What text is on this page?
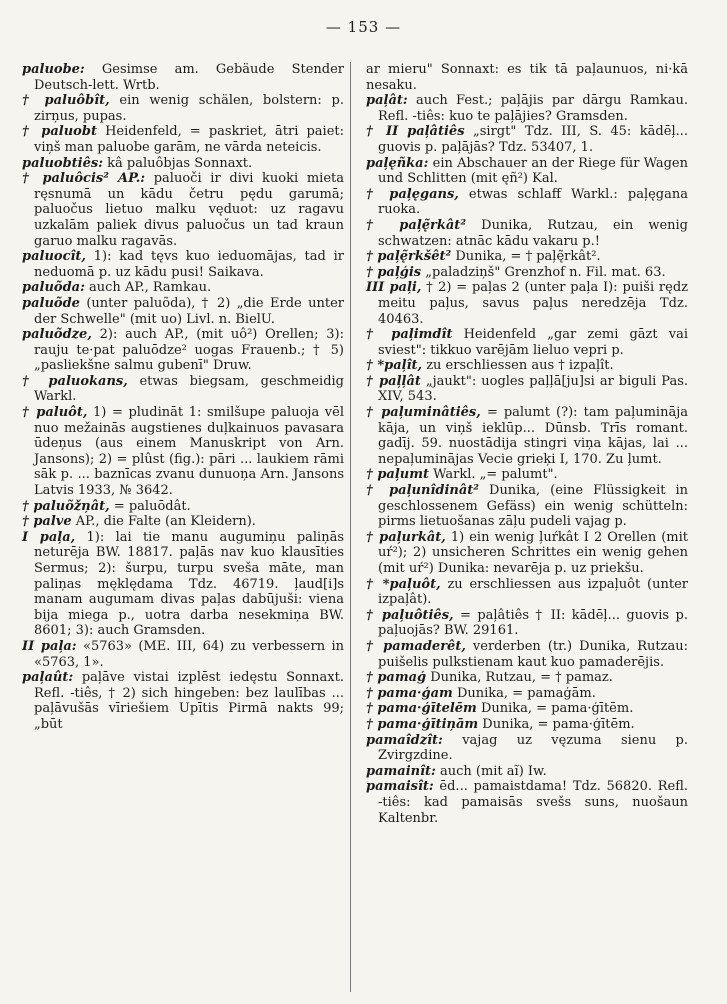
— 153 —

paluobe: Gesimse am. Gebäude Stender Deutsch-lett. Wrtb.

† paluôbît, ein wenig schälen, bolstern: p. zirņus, pupas.

† paluobt Heidenfeld, = paskriet, ātri paiet: viņš man paluobe garām, ne vārda neteicis.

paluobtiês: kâ paluôbjas Sonnaxt.

† paluôcis² AP.: paluoči ir divi kuoki mieta ręsnumā un kādu četru pędu garumā; paluočus lietuo malku vęduot: uz ragavu uzkalām paliek divus paluočus un tad kraun garuo malku ragavās.

paluocît, 1): kad tęvs kuo ieduomājas, tad ir neduomā p. uz kādu pusi! Saikava.

paluõda: auch AP., Ramkau.

paluõde (unter paluõda), † 2) „die Erde unter der Schwelle" (mit uo) Livl. n. BielU.

paluõdze, 2): auch AP., (mit uô²) Orellen; 3): rauju te·pat paluōdze² uogas Frauenb.; † 5) „pasliekšne salmu gubenī" Druw.

† paluokans, etwas biegsam, geschmeidig Warkl.

† paluôt, 1) = pludināt 1: smilšupe paluoja vēl nuo mežainās augstienes duļkainuos pavasara ūdeņus (aus einem Manuskript von Arn. Jansons); 2) = plûst (fig.): pāri ... laukiem rāmi sāk p. ... baznīcas zvanu dunuoņa Arn. Jansons Latvis 1933, № 3642.

† paluõžņât, = paluōdât.

† palve AP., die Falte (an Kleidern).

I paļa, 1): lai tie manu augumiņu paliņās neturēja BW. 18817. paļās nav kuo klausīties Sermus; 2): šurpu, turpu sveša māte, man paliņas męklędama Tdz. 46719. ļaud[i]s manam augumam divas paļas dabūjuši: viena bija miega p., uotra darba nesekmiņa BW. 8601; 3): auch Gramsden.

II paļa: «5763» (ME. III, 64) zu verbessern in «5763, 1».

paļaût: paļāve vistai izplēst iedęstu Sonnaxt. Refl. -tiês, † 2) sich hingeben: bez laulības ... paļāvušās vīriešiem Upītis Pirmā nakts 99; „būt

ar mieru" Sonnaxt: es tik tā paļaunuos, ni·kā nesaku.

paļât: auch Fest.; paļājis par dārgu Ramkau. Refl. -tiês: kuo te paļājies? Gramsden.

† II paļâtiês „sirgt" Tdz. III, S. 45: kādēļ... guovis p. paļājās? Tdz. 53407, 1.

paļęñka: ein Abschauer an der Riege für Wagen und Schlitten (mit ęñ²) Kal.

† paļęgans, etwas schlaff Warkl.: paļęgana ruoka.

† paļę̃rkât² Dunika, Rutzau, ein wenig schwatzen: atnāc kādu vakaru p.!

† paļę̃rkšêt² Dunika, = † paļę̃rkât².

† paļģis „paladziņš" Grenzhof n. Fil. mat. 63.

III paļi, † 2) = paļas 2 (unter paļa I): puiši rędz meitu paļus, savus paļus neredzēja Tdz. 40463.

† paļimdît Heidenfeld „gar zemi gāzt vai sviest": tikkuo varējām lieluo vepri p.

† *paļît, zu erschliessen aus † izpaļît.

† paļļât „jaukt": uogles paļļā[ju]si ar biguli Pas. XIV, 543.

† paļuminâtiês, = palumt (?): tam paļumināja kāja, un viņš ieklūp... Dūnsb. Trīs romant. gadīj. 59. nuostādija stingri viņa kājas, lai ... nepaļuminājas Vecie grieķi I, 170. Zu ļumt.

† paļumt Warkl. „= palumt".

† paļunîdinât² Dunika, (eine Flüssigkeit in geschlossenem Gefäss) ein wenig schütteln: pirms lietuošanas zāļu pudeli vajag p.

† paļurkât, 1) ein wenig ļuŕkât I 2 Orellen (mit uŕ²); 2) unsicheren Schrittes ein wenig gehen (mit uŕ²) Dunika: nevarēja p. uz priekšu.

† *paļuôt, zu erschliessen aus izpaļuôt (unter izpaļât).

† paļuôtiês, = paļâtiês † II: kādēļ... guovis p. paļuojās? BW. 29161.

† pamaderêt, verderben (tr.) Dunika, Rutzau: puišelis pulkstienam kaut kuo pamaderējis.

† pamaģ Dunika, Rutzau, = † pamaz.

† pama·ģam Dunika, = pamaģām.

† pama·ģītelēm Dunika, = pama·ģītēm.

† pama·ģītiņām Dunika, = pama·ģītēm.

pamaîdzît: vajag uz vęzuma sienu p. Zvirgzdine.

pamainît: auch (mit aĩ) Iw.

pamaisît: ēd... pamaistdama! Tdz. 56820. Refl. -tiês: kad pamaisās svešs suns, nuošaun Kaltenbr.
